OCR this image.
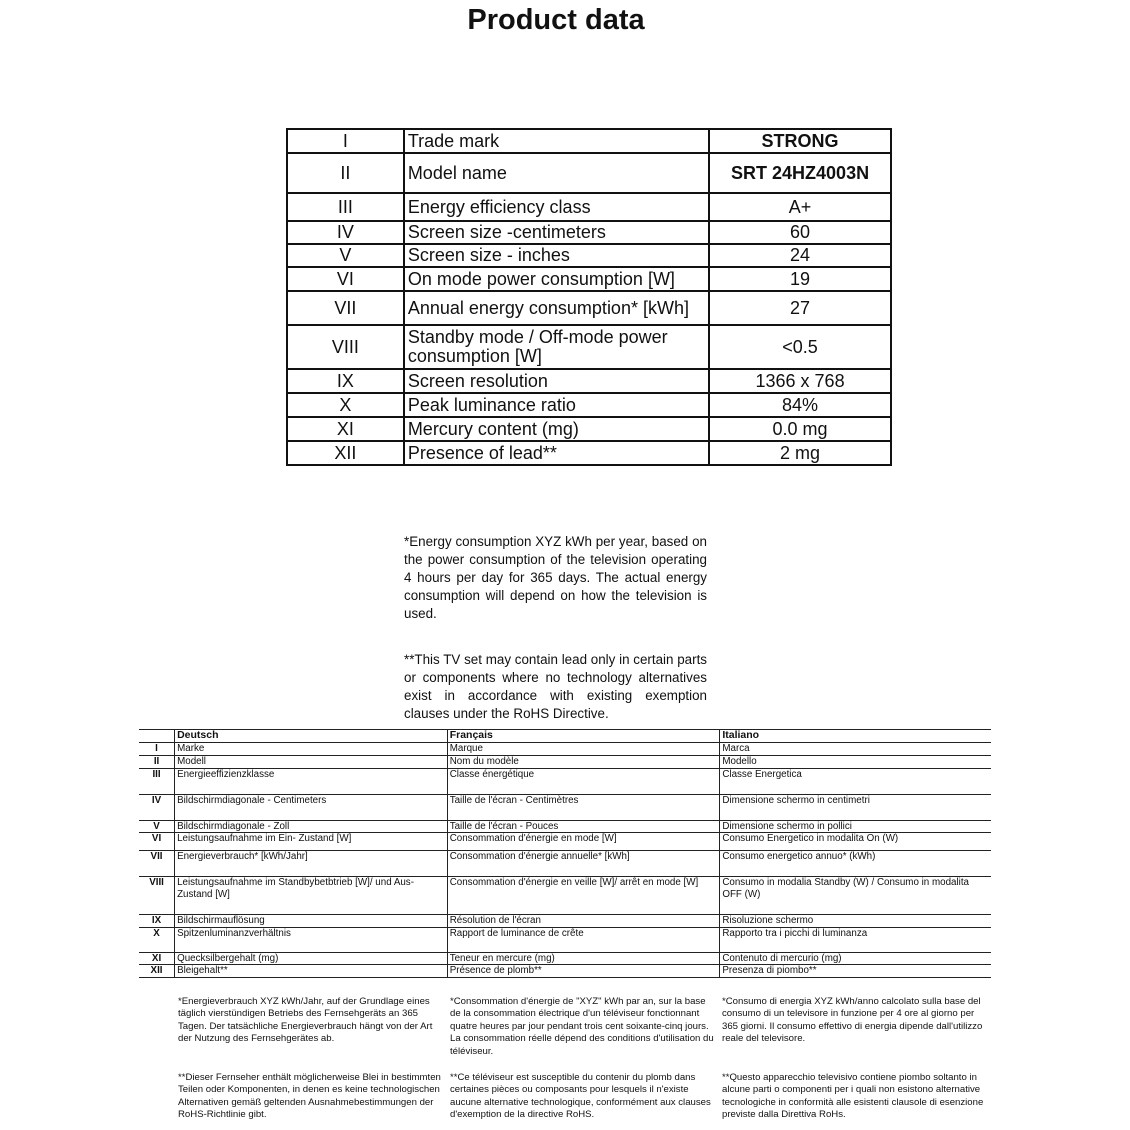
Product data
I	Trade mark	STRONG
II	Model name	SRT 24HZ4003N
III	Energy efficiency class	A+
IV	Screen size -centimeters	60
V	Screen size - inches	24
VI	On mode power consumption [W]	19
VII	Annual energy consumption* [kWh]	27
VIII	Standby mode / Off-mode power consumption [W]	<0.5
IX	Screen resolution	1366 x 768
X	Peak luminance ratio	84%
XI	Mercury content (mg)	0.0 mg
XII	Presence of lead**	2 mg
*Energy consumption XYZ kWh per year, based on the power consumption of the television operating 4 hours per day for 365 days. The actual energy consumption will depend on how the television is used.
**This TV set may contain lead only in certain parts or components where no technology alternatives exist in accordance with existing exemption clauses under the RoHS Directive.
	Deutsch	Français	Italiano
I	Marke	Marque	Marca
II	Modell	Nom du modèle	Modello
III	Energieeffizienzklasse	Classe énergétique	Classe Energetica
IV	Bildschirmdiagonale - Centimeters	Taille de l'écran - Centimètres	Dimensione schermo in centimetri
V	Bildschirmdiagonale - Zoll	Taille de l'écran - Pouces	Dimensione schermo in pollici
VI	Leistungsaufnahme im Ein- Zustand [W]	Consommation d'énergie en mode [W]	Consumo Energetico in modalita On (W)
VII	Energieverbrauch* [kWh/Jahr]	Consommation d'énergie annuelle* [kWh]	Consumo energetico annuo* (kWh)
VIII	Leistungsaufnahme im Standbybetbtrieb [W]/ und Aus-Zustand [W]	Consommation d'énergie en veille [W]/ arrêt en mode [W]	Consumo in modalia Standby (W) / Consumo in modalita OFF (W)
IX	Bildschirmauflösung	Résolution de l'écran	Risoluzione schermo
X	Spitzenluminanzverhältnis	Rapport de luminance de crête	Rapporto tra i picchi di luminanza
XI	Quecksilbergehalt (mg)	Teneur en mercure (mg)	Contenuto di mercurio (mg)
XII	Bleigehalt**	Présence de plomb**	Presenza di piombo**
*Energieverbrauch XYZ kWh/Jahr, auf der Grundlage eines täglich vierstündigen Betriebs des Fernsehgeräts an 365 Tagen. Der tatsächliche Energieverbrauch hängt von der Art der Nutzung des Fernsehgerätes ab.
*Consommation d'énergie de "XYZ" kWh par an, sur la base de la consommation électrique d'un téléviseur fonctionnant quatre heures par jour pendant trois cent soixante-cinq jours. La consommation réelle dépend des conditions d'utilisation du téléviseur.
*Consumo di energia XYZ kWh/anno calcolato sulla base del consumo di un televisore in funzione per 4 ore al giorno per 365 giorni. Il consumo effettivo di energia dipende dall'utilizzo reale del televisore.
**Dieser Fernseher enthält möglicherweise Blei in bestimmten Teilen oder Komponenten, in denen es keine technologischen Alternativen gemäß geltenden Ausnahmebestimmungen der RoHS-Richtlinie gibt.
**Ce téléviseur est susceptible du contenir du plomb dans certaines pièces ou composants pour lesquels il n'existe aucune alternative technologique, conformément aux clauses d'exemption de la directive RoHS.
**Questo apparecchio televisivo contiene piombo soltanto in alcune parti o componenti per i quali non esistono alternative tecnologiche in conformità alle esistenti clausole di esenzione previste dalla Direttiva RoHs.
